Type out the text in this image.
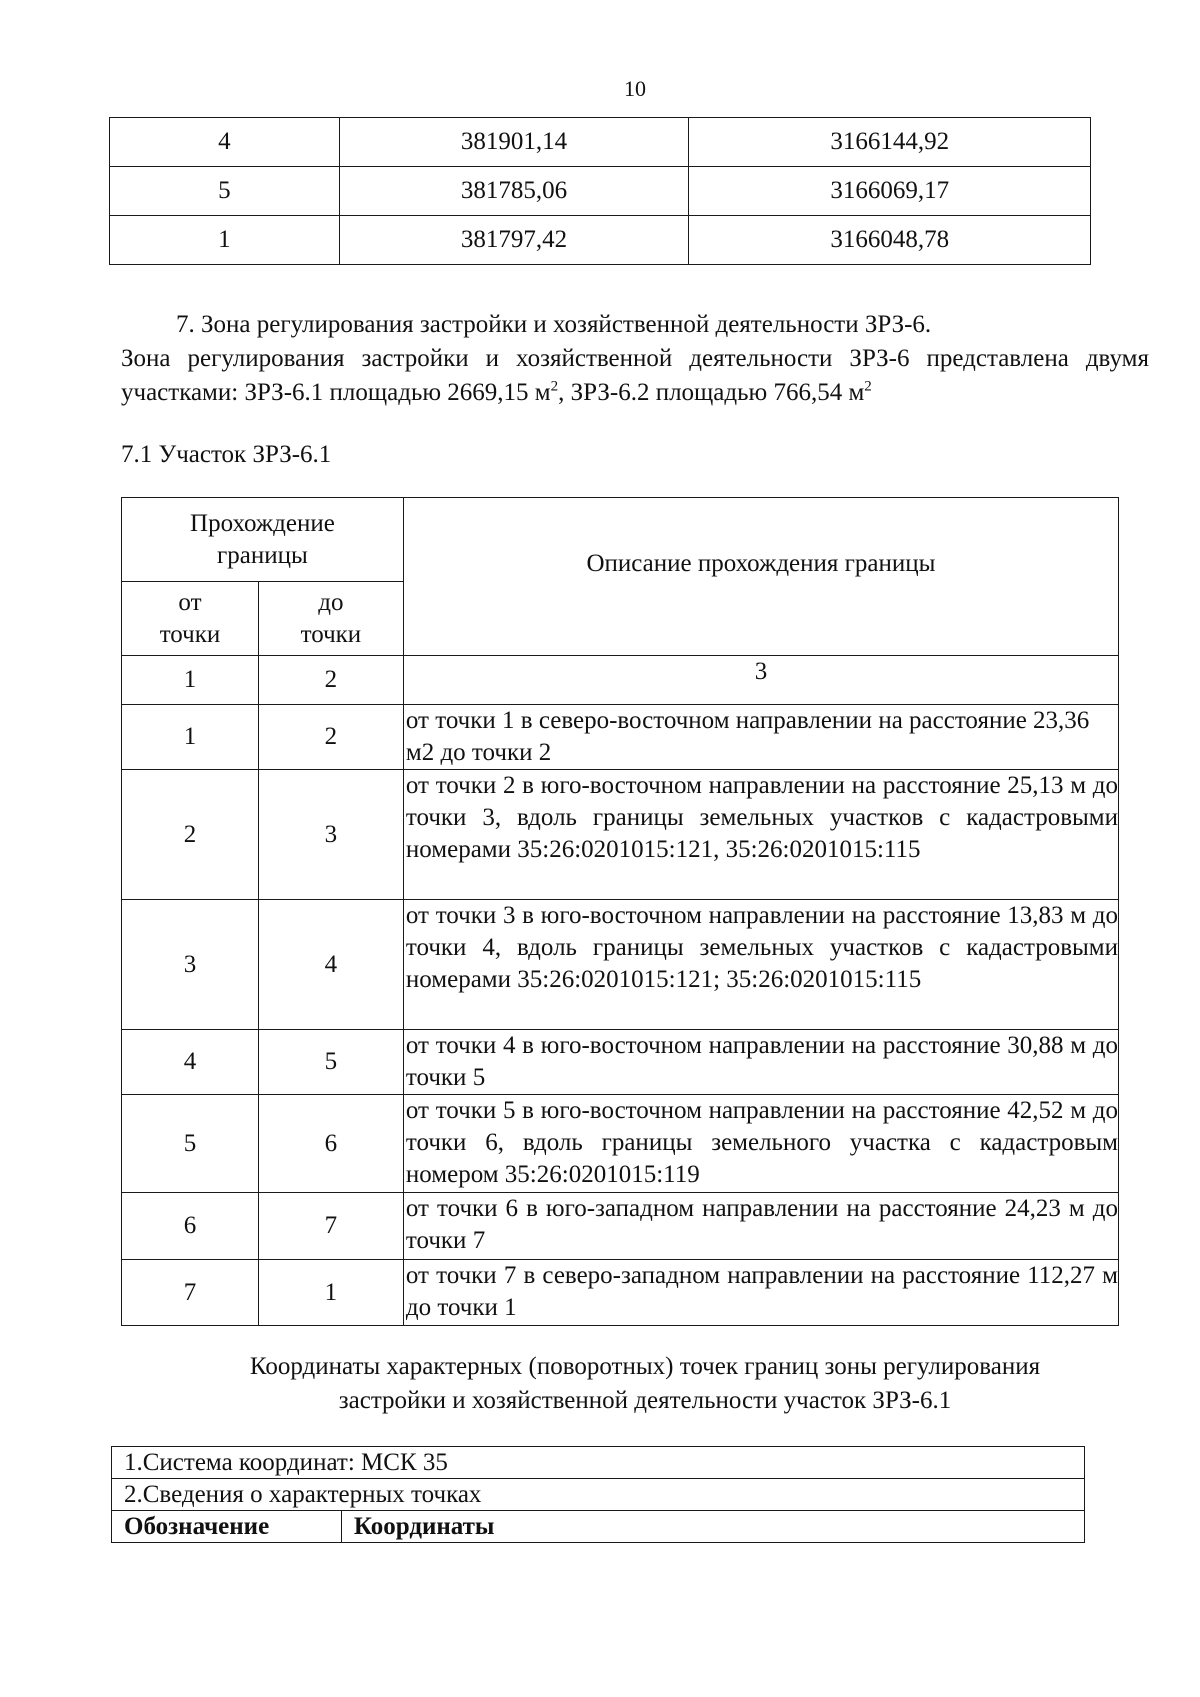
10
4	381901,14	3166144,92
5	381785,06	3166069,17
1	381797,42	3166048,78

7. Зона регулирования застройки и хозяйственной деятельности ЗРЗ-6.

Зона регулирования застройки и хозяйственной деятельности ЗРЗ-6 представлена двумя участками: ЗРЗ-6.1 площадью 2669,15 $м^2$, ЗРЗ-6.2 площадью 766,54 $м^2$

7.1 Участок ЗРЗ-6.1

Прохождение границы		Описание прохождения границы
от точки	до точки	
1	2	3
1	2	от точки 1 в северо-восточном направлении на расстояние 23,36 м2 до точки 2
2	3	от точки 2 в юго-восточном направлении на расстояние 25,13 м до точки 3, вдоль границы земельных участков с кадастровыми номерами 35:26:0201015:121, 35:26:0201015:115
3	4	от точки 3 в юго-восточном направлении на расстояние 13,83 м до точки 4, вдоль границы земельных участков с кадастровыми номерами 35:26:0201015:121; 35:26:0201015:115
4	5	от точки 4 в юго-восточном направлении на расстояние 30,88 м до точки 5
5	6	от точки 5 в юго-восточном направлении на расстояние 42,52 м до точки 6, вдоль границы земельного участка с кадастровым номером 35:26:0201015:119
6	7	от точки 6 в юго-западном направлении на расстояние 24,23 м до точки 7
7	1	от точки 7 в северо-западном направлении на расстояние 112,27 м до точки 1
Координаты характерных (поворотных) точек границ зоны регулирования
застройки и хозяйственной деятельности участок ЗРЗ-6.1
1.Система координат: МСК 35
2.Сведения о характерных точках
Обозначение	Координаты
